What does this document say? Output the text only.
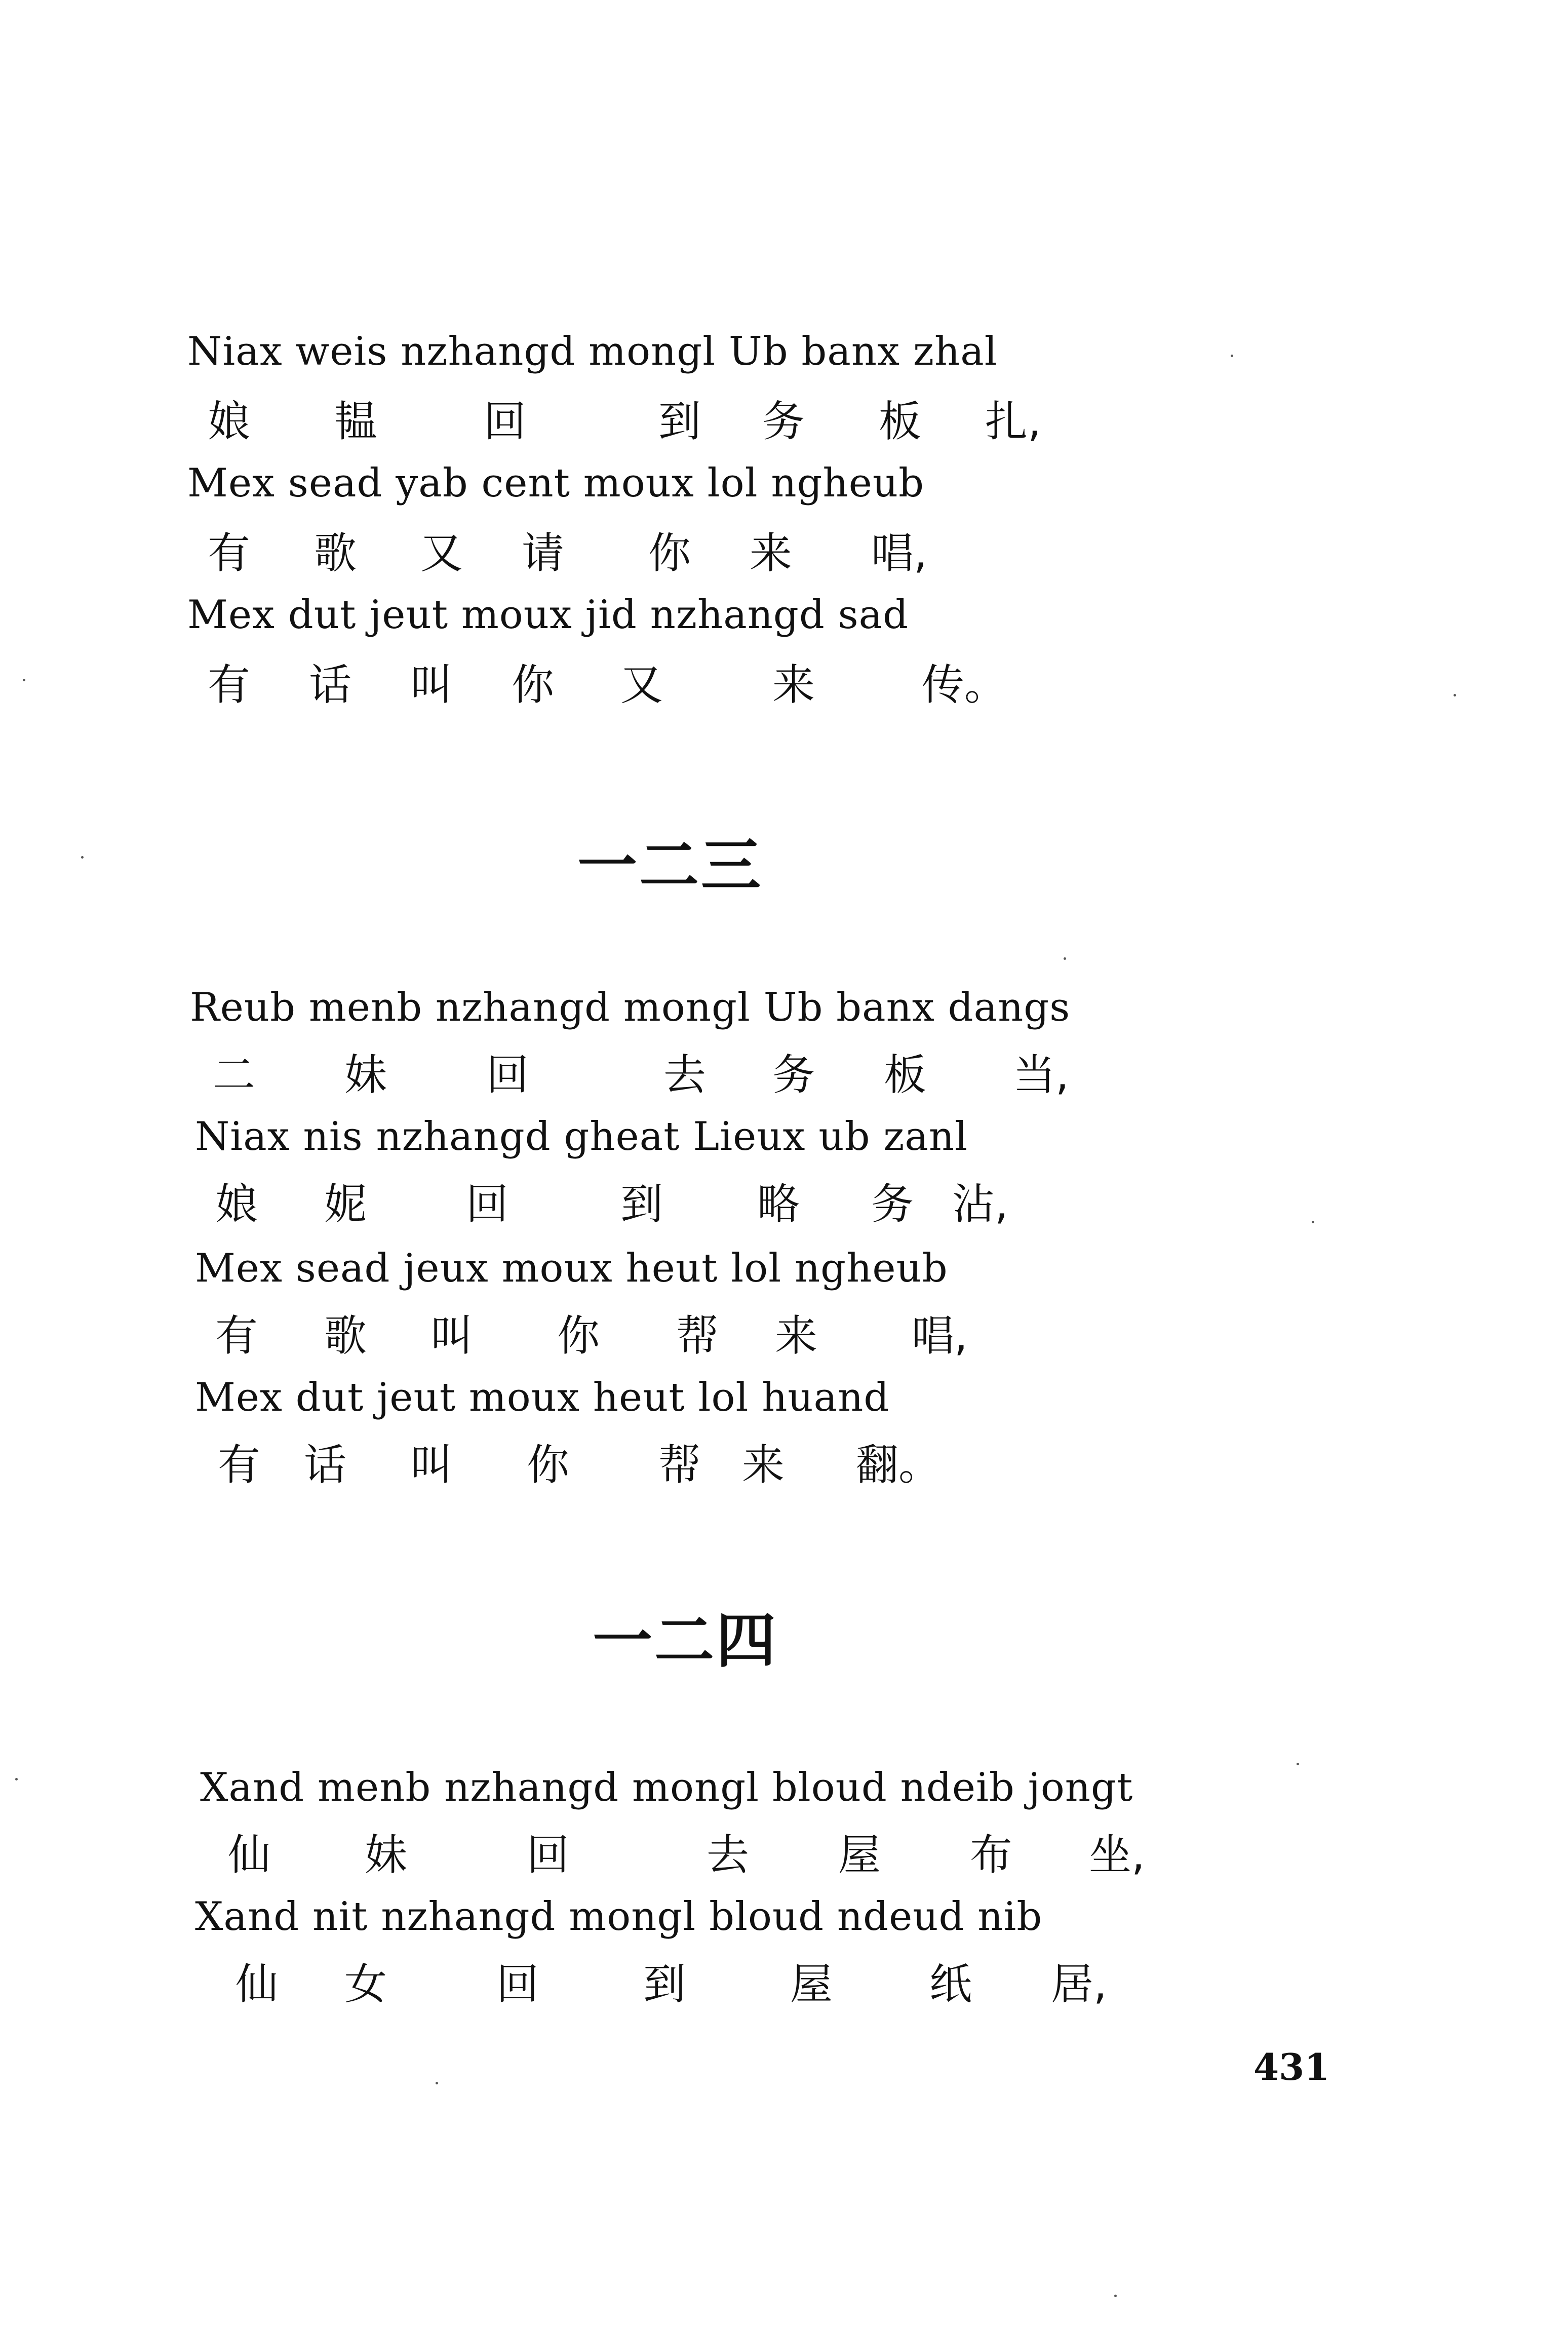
Niax weis nzhangd mongl Ub banx zhal
娘 韫	回	到 务 板 扎,
Mex sead yab cent moux lol ngheub
有 歌 又 请 你 来 唱,
Mex dut jeut moux jid nzhangd sad
有 话 叫 你 又	来	传。
一二三
Reub menb nzhangd mongl Ub banx dangs
二 妹 回	去 务 板 当,
Niax nis nzhangd gheat Lieux ub zanl
娘 妮 回	到 略 务 沾,
Mex sead jeux moux heut lol ngheub
有 歌 叫 你 帮 来 唱,
Mex dut jeut moux heut lol huand
有 话 叫 你 帮 来 翻。
一二四
Xand menb nzhangd mongl bloud ndeib jongt
仙 妹	回	去 屋 布 坐,
Xand nit nzhangd mongl bloud ndeud nib
仙 女	回 到 屋 纸 居,
431
